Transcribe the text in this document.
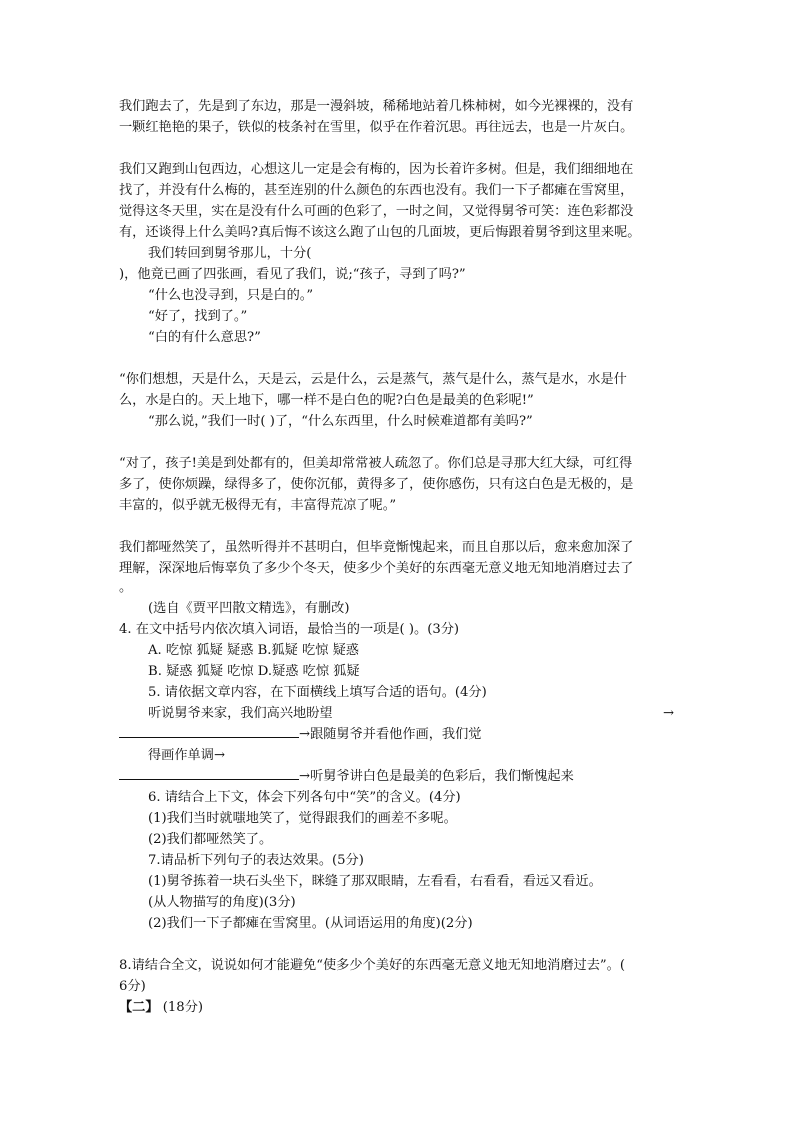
我们跑去了，先是到了东边，那是一漫斜坡，稀稀地站着几株柿树，如今光裸裸的，没有
一颗红艳艳的果子，铁似的枝条衬在雪里，似乎在作着沉思。再往远去，也是一片灰白。
我们又跑到山包西边，心想这儿一定是会有梅的，因为长着许多树。但是，我们细细地在
找了，并没有什么梅的，甚至连别的什么颜色的东西也没有。我们一下子都瘫在雪窝里，
觉得这冬天里，实在是没有什么可画的色彩了，一时之间，又觉得舅爷可笑：连色彩都没
有，还谈得上什么美吗?真后悔不该这么跑了山包的几面坡，更后悔跟着舅爷到这里来呢。
我们转回到舅爷那儿，十分(
)，他竟已画了四张画，看见了我们，说;“孩子，寻到了吗?”
“什么也没寻到，只是白的。”
“好了，找到了。”
“白的有什么意思?”
“你们想想，天是什么，天是云，云是什么，云是蒸气，蒸气是什么，蒸气是水，水是什
么，水是白的。天上地下，哪一样不是白色的呢?白色是最美的色彩呢!”
“那么说，”我们一时( )了，“什么东西里，什么时候难道都有美吗?”
“对了，孩子!美是到处都有的，但美却常常被人疏忽了。你们总是寻那大红大绿，可红得
多了，使你烦躁，绿得多了，使你沉郁，黄得多了，使你感伤，只有这白色是无极的，是
丰富的，似乎就无极得无有，丰富得荒凉了呢。”
我们都哑然笑了，虽然听得并不甚明白，但毕竟惭愧起来，而且自那以后，愈来愈加深了
理解，深深地后悔辜负了多少个冬天，使多少个美好的东西毫无意义地无知地消磨过去了
。
(选自《贾平凹散文精选》，有删改)
4. 在文中括号内依次填入词语，最恰当的一项是( )。(3分)
A. 吃惊 狐疑 疑惑 B.狐疑 吃惊 疑惑
B. 疑惑 狐疑 吃惊 D.疑惑 吃惊 狐疑
5. 请依据文章内容，在下面横线上填写合适的语句。(4分)
听说舅爷来家，我们高兴地盼望	→
→跟随舅爷并看他作画，我们觉
得画作单调→
→听舅爷讲白色是最美的色彩后，我们惭愧起来
6. 请结合上下文，体会下列各句中“笑”的含义。(4分)
(1)我们当时就嗤地笑了，觉得跟我们的画差不多呢。
(2)我们都哑然笑了。
7.请品析下列句子的表达效果。(5分)
(1)舅爷拣着一块石头坐下，眯缝了那双眼睛，左看看，右看看，看远又看近。
(从人物描写的角度)(3分)
(2)我们一下子都瘫在雪窝里。(从词语运用的角度)(2分)
8.请结合全文，说说如何才能避免“使多少个美好的东西毫无意义地无知地消磨过去”。(
6分)
【二】 (18分)
